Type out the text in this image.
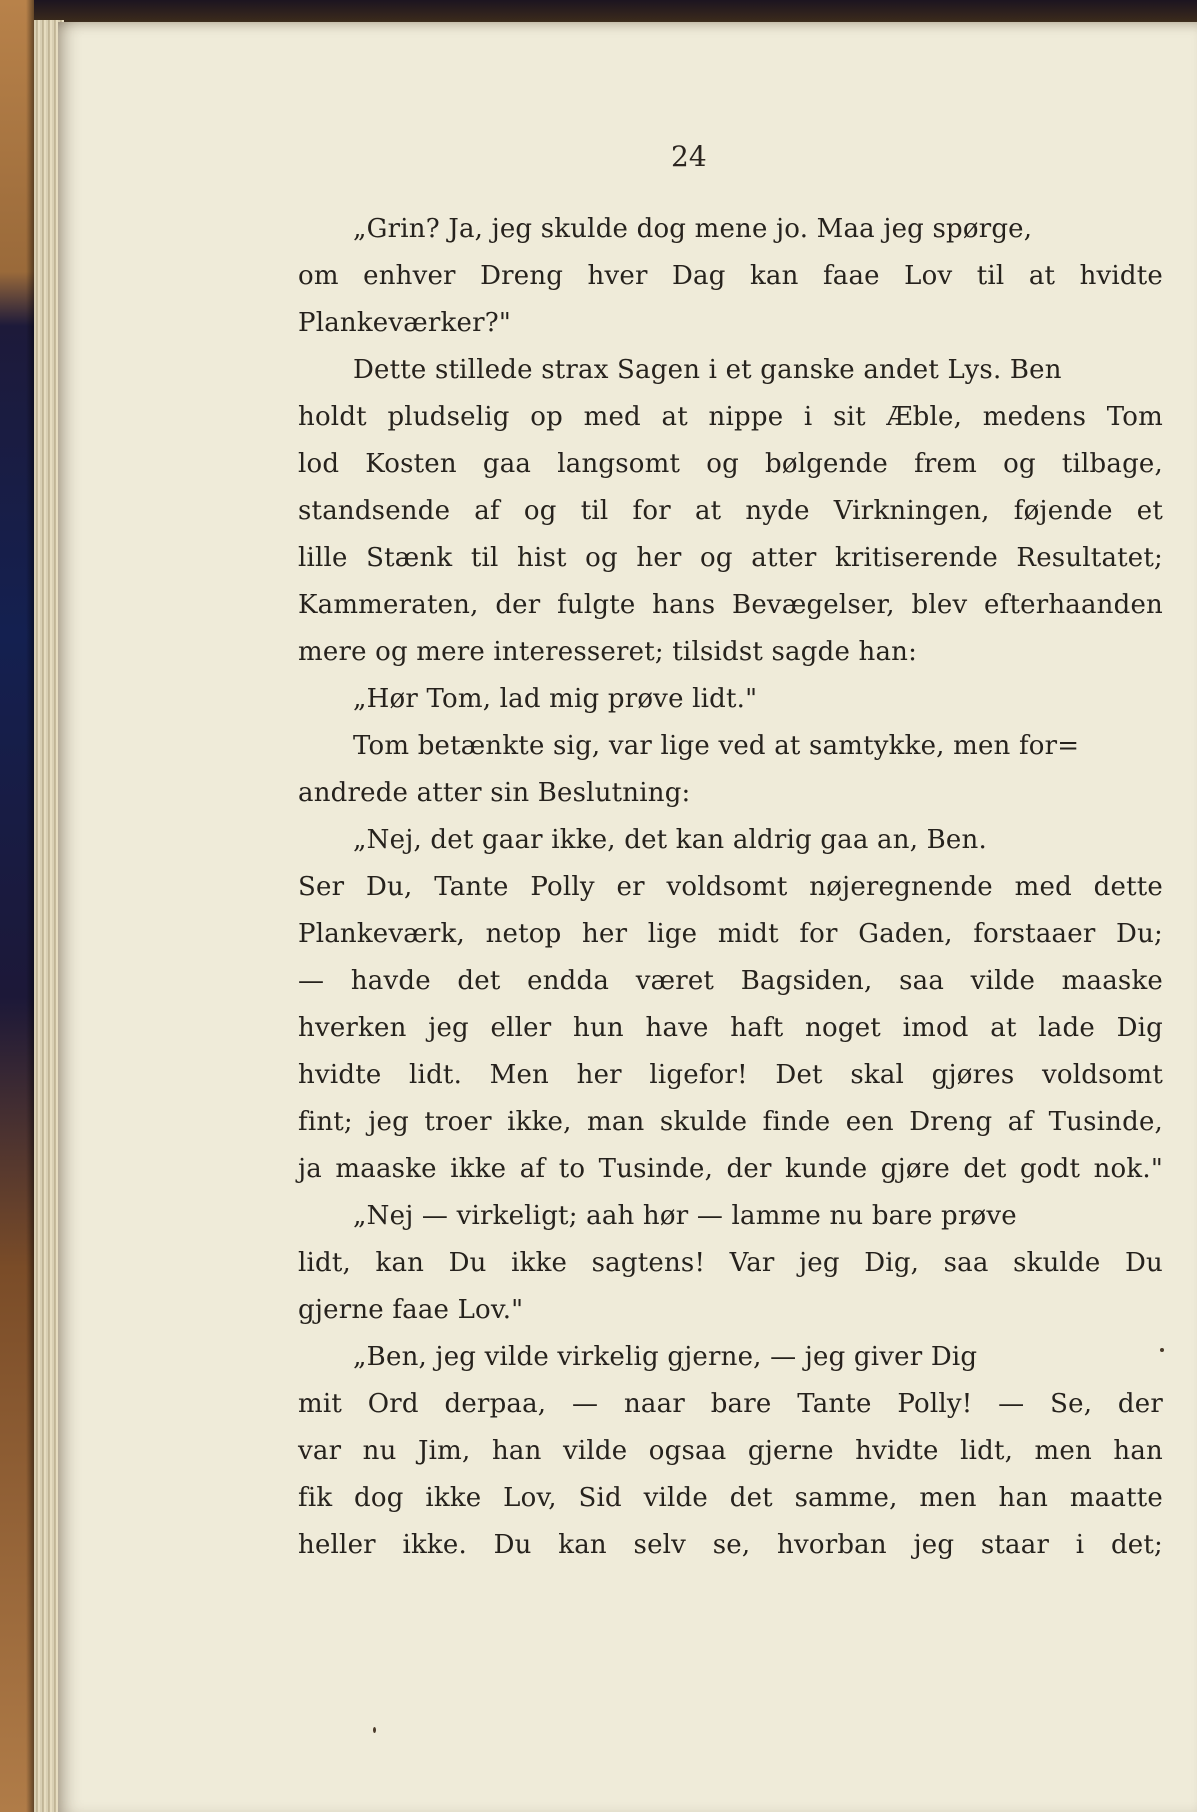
24
„Grin? Ja, jeg skulde dog mene jo. Maa jeg spørge,
om enhver Dreng hver Dag kan faae Lov til at hvidte
Plankeværker?"
Dette stillede strax Sagen i et ganske andet Lys. Ben
holdt pludselig op med at nippe i sit Æble, medens Tom
lod Kosten gaa langsomt og bølgende frem og tilbage,
standsende af og til for at nyde Virkningen, føjende et
lille Stænk til hist og her og atter kritiserende Resultatet;
Kammeraten, der fulgte hans Bevægelser, blev efterhaanden
mere og mere interesseret; tilsidst sagde han:
„Hør Tom, lad mig prøve lidt."
Tom betænkte sig, var lige ved at samtykke, men for=
andrede atter sin Beslutning:
„Nej, det gaar ikke, det kan aldrig gaa an, Ben.
Ser Du, Tante Polly er voldsomt nøjeregnende med dette
Plankeværk, netop her lige midt for Gaden, forstaaer Du;
— havde det endda været Bagsiden, saa vilde maaske
hverken jeg eller hun have haft noget imod at lade Dig
hvidte lidt. Men her ligefor! Det skal gjøres voldsomt
fint; jeg troer ikke, man skulde finde een Dreng af Tusinde,
ja maaske ikke af to Tusinde, der kunde gjøre det godt nok."
„Nej — virkeligt; aah hør — lamme nu bare prøve
lidt, kan Du ikke sagtens! Var jeg Dig, saa skulde Du
gjerne faae Lov."
„Ben, jeg vilde virkelig gjerne, — jeg giver Dig
mit Ord derpaa, — naar bare Tante Polly! — Se, der
var nu Jim, han vilde ogsaa gjerne hvidte lidt, men han
fik dog ikke Lov, Sid vilde det samme, men han maatte
heller ikke. Du kan selv se, hvorban jeg staar i det;
